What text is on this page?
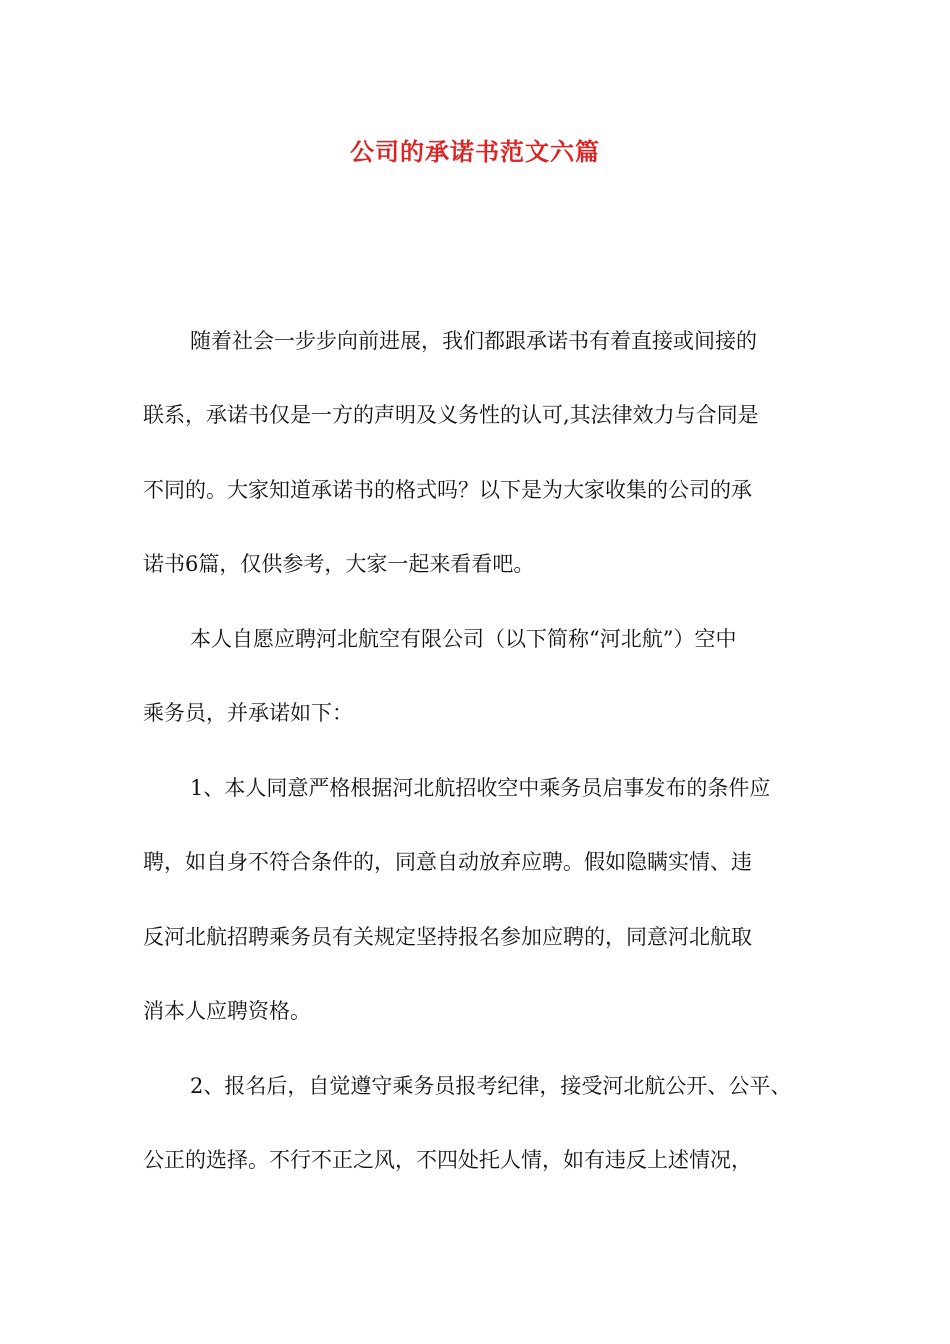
公司的承诺书范文六篇
随着社会一步步向前进展，我们都跟承诺书有着直接或间接的
联系，承诺书仅是一方的声明及义务性的认可,其法律效力与合同是
不同的。大家知道承诺书的格式吗？以下是为大家收集的公司的承
诺书6篇，仅供参考，大家一起来看看吧。
本人自愿应聘河北航空有限公司（以下简称“河北航”）空中
乘务员，并承诺如下：
1、本人同意严格根据河北航招收空中乘务员启事发布的条件应
聘，如自身不符合条件的，同意自动放弃应聘。假如隐瞒实情、违
反河北航招聘乘务员有关规定坚持报名参加应聘的，同意河北航取
消本人应聘资格。
2、报名后，自觉遵守乘务员报考纪律，接受河北航公开、公平、
公正的选择。不行不正之风，不四处托人情，如有违反上述情况，
